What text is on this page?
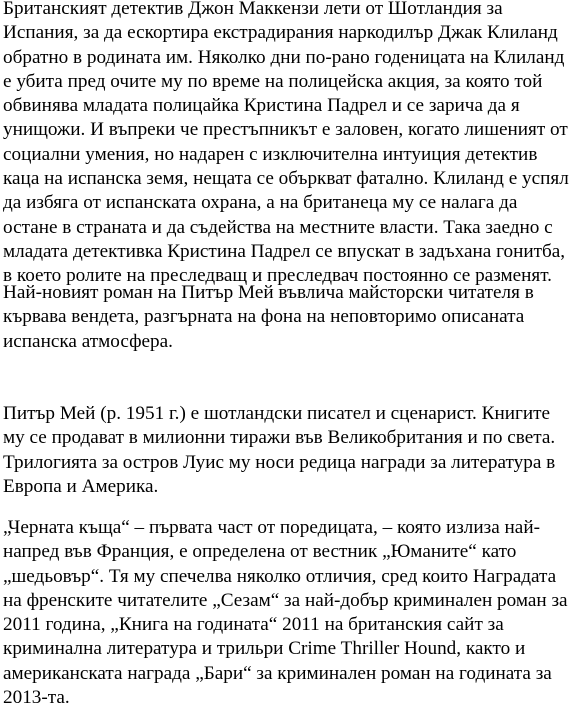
Британският детектив Джон Маккензи лети от Шотландия за
Испания, за да ескортира екстрадирания наркодилър Джак Клиланд
обратно в родината им. Няколко дни по-рано годеницата на Клиланд
е убита пред очите му по време на полицейска акция, за която той
обвинява младата полицайка Кристина Падрел и се зарича да я
унищожи. И въпреки че престъпникът е заловен, когато лишеният от
социални умения, но надарен с изключителна интуиция детектив
каца на испанска земя, нещата се объркват фатално. Клиланд е успял
да избяга от испанската охрана, а на британеца му се налага да
остане в страната и да съдейства на местните власти. Така заедно с
младата детективка Кристина Падрел се впускат в задъхана гонитба,
в което ролите на преследващ и преследвач постоянно се разменят.
Най-новият роман на Питър Мей въвлича майсторски читателя в
кървава вендета, разгърната на фона на неповторимо описаната
испанска атмосфера.
Питър Мей (р. 1951 г.) е шотландски писател и сценарист. Книгите
му се продават в милионни тиражи във Великобритания и по света.
Трилогията за остров Луис му носи редица награди за литература в
Европа и Америка.
„Черната къща“ – първата част от поредицата, – която излиза най-
напред във Франция, е определена от вестник „Юманите“ като
„шедьовър“. Тя му спечелва няколко отличия, сред които Наградата
на френските читателите „Сезам“ за най-добър криминален роман за
2011 година, „Книга на годината“ 2011 на британския сайт за
криминална литература и трильри Crime Thriller Hound, както и
американската награда „Бари“ за криминален роман на годината за
2013-та.
